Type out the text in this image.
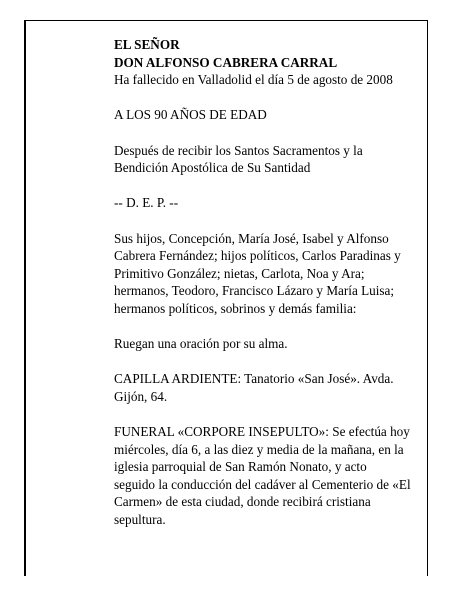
EL SEÑOR

DON ALFONSO CABRERA CARRAL

Ha fallecido en Valladolid el día 5 de agosto de 2008

A LOS 90 AÑOS DE EDAD

Después de recibir los Santos Sacramentos y la

Bendición Apostólica de Su Santidad

-- D. E. P. --

Sus hijos, Concepción, María José, Isabel y Alfonso

Cabrera Fernández; hijos políticos, Carlos Paradinas y

Primitivo González; nietas, Carlota, Noa y Ara;

hermanos, Teodoro, Francisco Lázaro y María Luisa;

hermanos políticos, sobrinos y demás familia:

Ruegan una oración por su alma.

CAPILLA ARDIENTE: Tanatorio «San José». Avda.

Gijón, 64.

FUNERAL «CORPORE INSEPULTO»: Se efectúa hoy

miércoles, día 6, a las diez y media de la mañana, en la

iglesia parroquial de San Ramón Nonato, y acto

seguido la conducción del cadáver al Cementerio de «El

Carmen» de esta ciudad, donde recibirá cristiana

sepultura.
